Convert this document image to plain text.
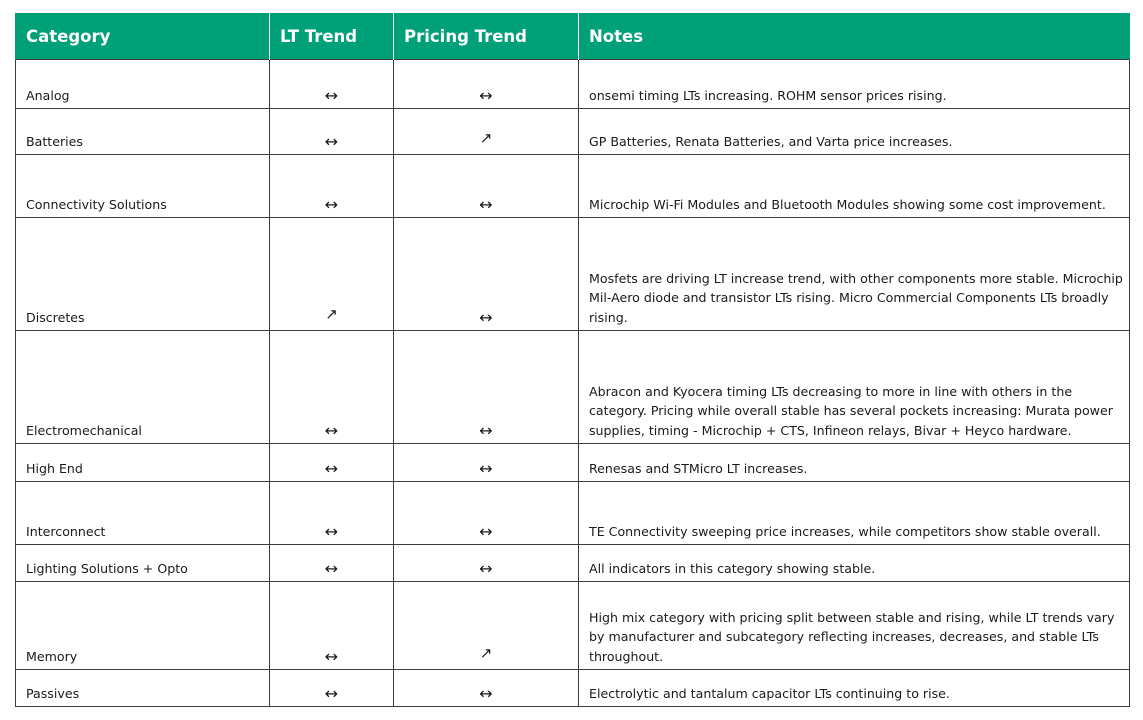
Category	LT Trend	Pricing Trend	Notes
Analog	↔	↔	onsemi timing LTs increasing. ROHM sensor prices rising.
Batteries	↔	↗	GP Batteries, Renata Batteries, and Varta price increases.
Connectivity Solutions	↔	↔	Microchip Wi-Fi Modules and Bluetooth Modules showing some cost improvement.
Discretes	↗	↔	Mosfets are driving LT increase trend, with other components more stable. Microchip Mil-Aero diode and transistor LTs rising. Micro Commercial Components LTs broadly rising.
Electromechanical	↔	↔	Abracon and Kyocera timing LTs decreasing to more in line with others in the category. Pricing while overall stable has several pockets increasing: Murata power supplies, timing - Microchip + CTS, Infineon relays, Bivar + Heyco hardware.
High End	↔	↔	Renesas and STMicro LT increases.
Interconnect	↔	↔	TE Connectivity sweeping price increases, while competitors show stable overall.
Lighting Solutions + Opto	↔	↔	All indicators in this category showing stable.
Memory	↔	↗	High mix category with pricing split between stable and rising, while LT trends vary by manufacturer and subcategory reflecting increases, decreases, and stable LTs throughout.
Passives	↔	↔	Electrolytic and tantalum capacitor LTs continuing to rise.
